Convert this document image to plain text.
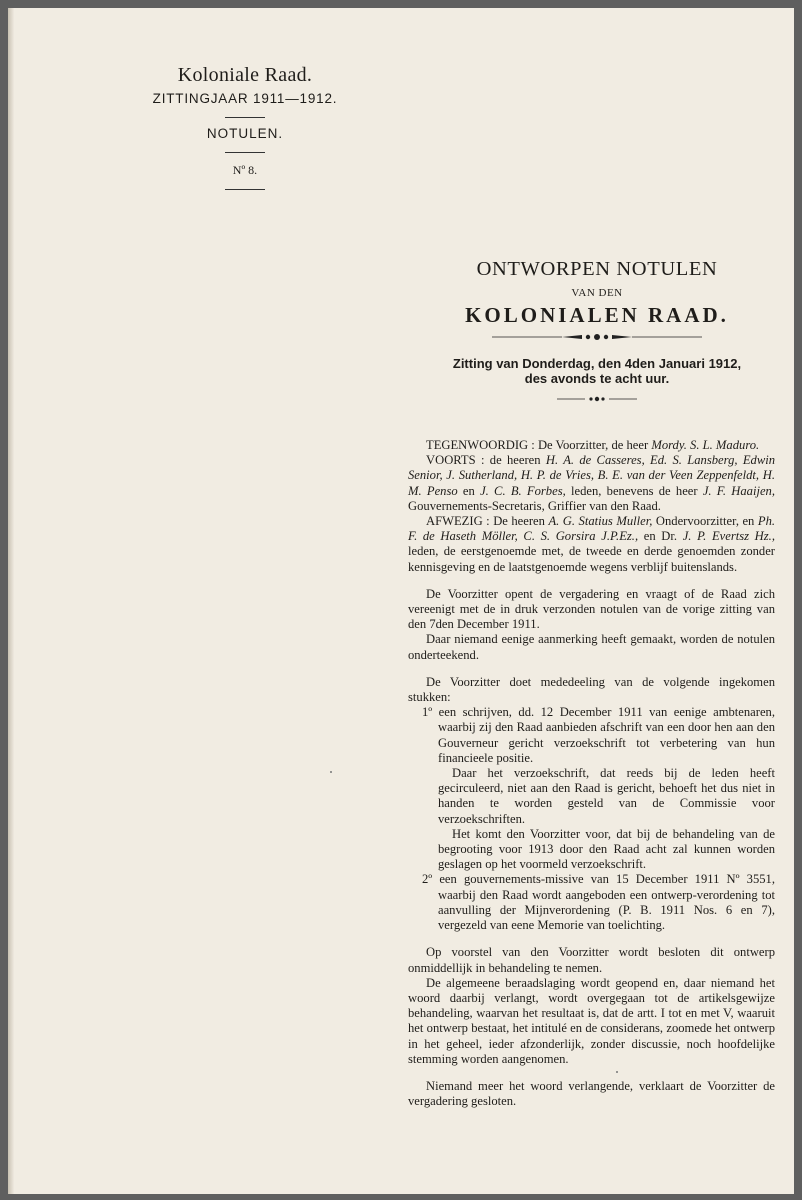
Koloniale Raad.
ZITTINGJAAR 1911—1912.
NOTULEN.
Nº 8.
ONTWORPEN NOTULEN
VAN DEN
KOLONIALEN RAAD.
Zitting van Donderdag, den 4den Januari 1912,
des avonds te acht uur.

TEGENWOORDIG : De Voorzitter, de heer Mordy. S. L. Maduro.

VOORTS : de heeren H. A. de Casseres, Ed. S. Lansberg, Edwin Senior, J. Sutherland, H. P. de Vries, B. E. van der Veen Zeppenfeldt, H. M. Penso en J. C. B. Forbes, leden, benevens de heer J. F. Haaijen, Gouvernements-Secretaris, Griffier van den Raad.

AFWEZIG : De heeren A. G. Statius Muller, Ondervoorzitter, en Ph. F. de Haseth Möller, C. S. Gorsira J.P.Ez., en Dr. J. P. Evertsz Hz., leden, de eerstgenoemde met, de tweede en derde genoemden zonder kennisgeving en de laatstgenoemde wegens verblijf buitenslands.

De Voorzitter opent de vergadering en vraagt of de Raad zich vereenigt met de in druk verzonden notulen van de vorige zitting van den 7den December 1911.

Daar niemand eenige aanmerking heeft gemaakt, worden de notulen onderteekend.

De Voorzitter doet mededeeling van de volgende ingekomen stukken:

1º een schrijven, dd. 12 December 1911 van eenige ambtenaren, waarbij zij den Raad aanbieden afschrift van een door hen aan den Gouverneur gericht verzoekschrift tot verbetering van hun financieele positie.

Daar het verzoekschrift, dat reeds bij de leden heeft gecirculeerd, niet aan den Raad is gericht, behoeft het dus niet in handen te worden gesteld van de Commissie voor verzoekschriften.

Het komt den Voorzitter voor, dat bij de behandeling van de begrooting voor 1913 door den Raad acht zal kunnen worden geslagen op het voormeld verzoekschrift.

2º een gouvernements-missive van 15 December 1911 Nº 3551, waarbij den Raad wordt aangeboden een ontwerp-verordening tot aanvulling der Mijnverordening (P. B. 1911 Nos. 6 en 7), vergezeld van eene Memorie van toelichting.

Op voorstel van den Voorzitter wordt besloten dit ontwerp onmiddellijk in behandeling te nemen.

De algemeene beraadslaging wordt geopend en, daar niemand het woord daarbij verlangt, wordt overgegaan tot de artikelsgewijze behandeling, waarvan het resultaat is, dat de artt. I tot en met V, waaruit het ontwerp bestaat, het intitulé en de considerans, zoomede het ontwerp in het geheel, ieder afzonderlijk, zonder discussie, noch hoofdelijke stemming worden aangenomen.

Niemand meer het woord verlangende, verklaart de Voorzitter de vergadering gesloten.
